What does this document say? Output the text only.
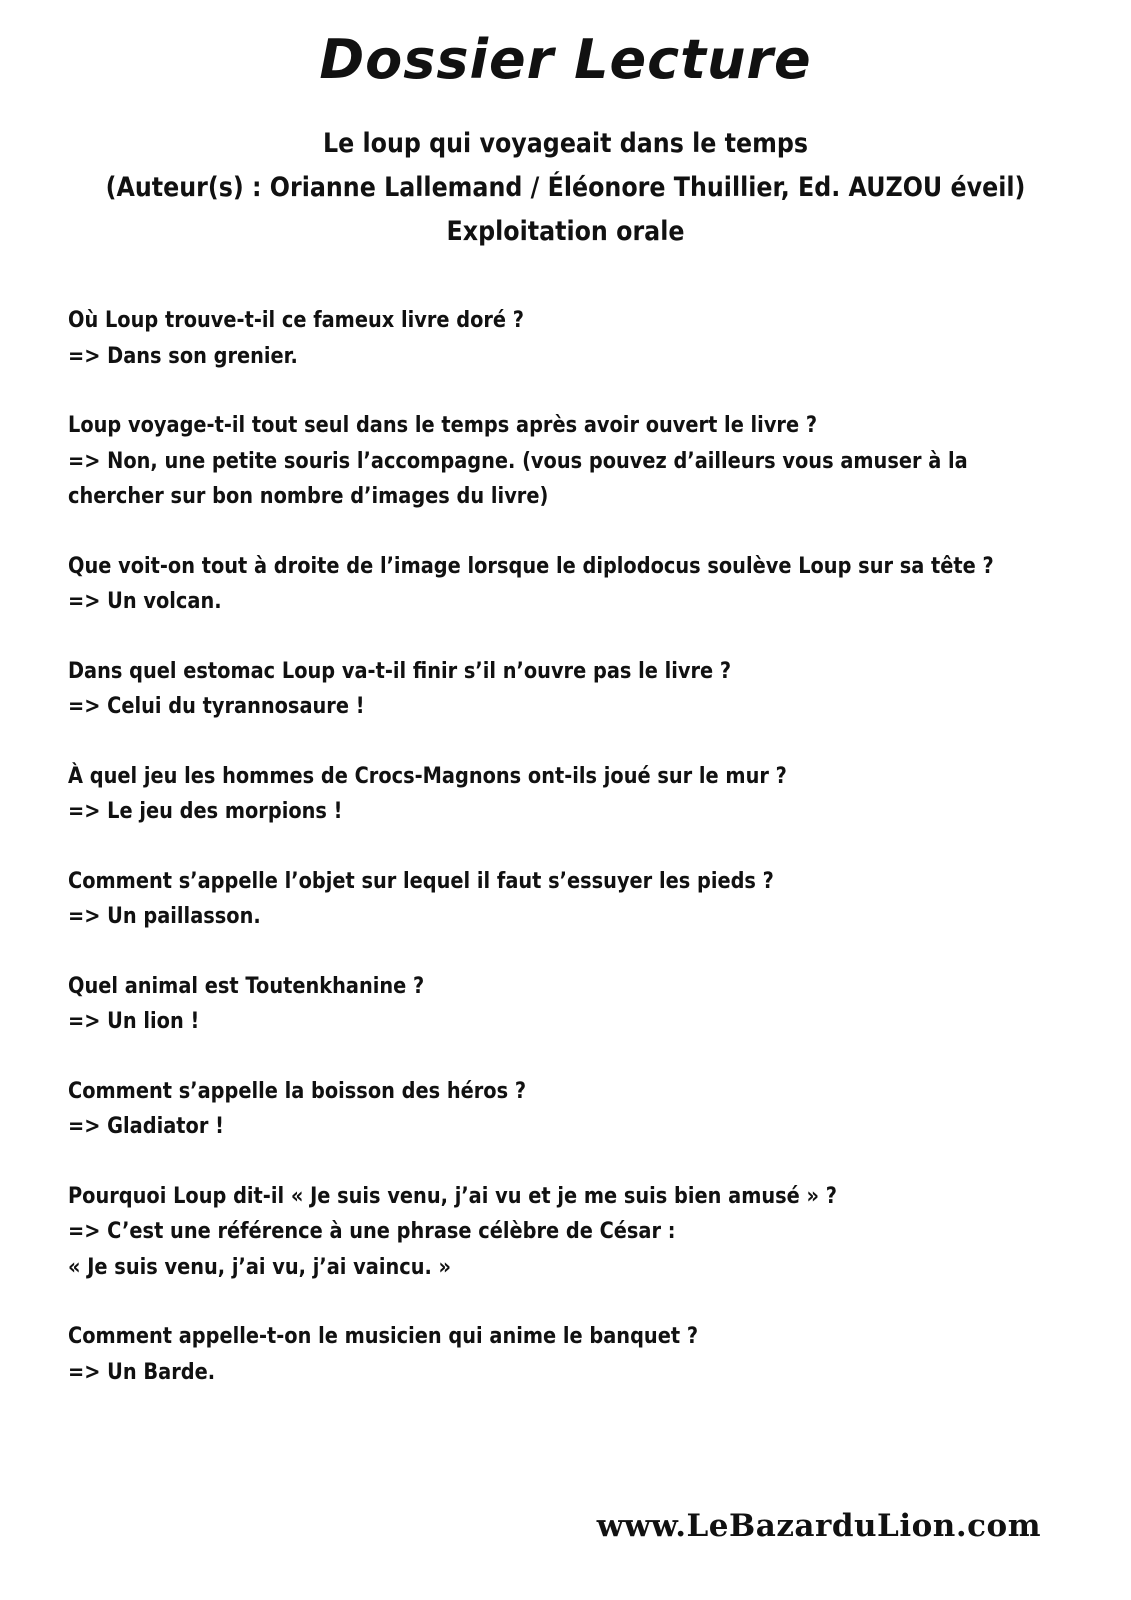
Dossier Lecture
Le loup qui voyageait dans le temps
(Auteur(s) : Orianne Lallemand / Éléonore Thuillier, Ed. AUZOU éveil)
Exploitation orale
Où Loup trouve-t-il ce fameux livre doré ?
=> Dans son grenier.
Loup voyage-t-il tout seul dans le temps après avoir ouvert le livre ?
=> Non, une petite souris l’accompagne. (vous pouvez d’ailleurs vous amuser à la
chercher sur bon nombre d’images du livre)
Que voit-on tout à droite de l’image lorsque le diplodocus soulève Loup sur sa tête ?
=> Un volcan.
Dans quel estomac Loup va-t-il finir s’il n’ouvre pas le livre ?
=> Celui du tyrannosaure !
À quel jeu les hommes de Crocs-Magnons ont-ils joué sur le mur ?
=> Le jeu des morpions !
Comment s’appelle l’objet sur lequel il faut s’essuyer les pieds ?
=> Un paillasson.
Quel animal est Toutenkhanine ?
=> Un lion !
Comment s’appelle la boisson des héros ?
=> Gladiator !
Pourquoi Loup dit-il « Je suis venu, j’ai vu et je me suis bien amusé » ?
=> C’est une référence à une phrase célèbre de César :
« Je suis venu, j’ai vu, j’ai vaincu. »
Comment appelle-t-on le musicien qui anime le banquet ?
=> Un Barde.
www.LeBazarduLion.com
